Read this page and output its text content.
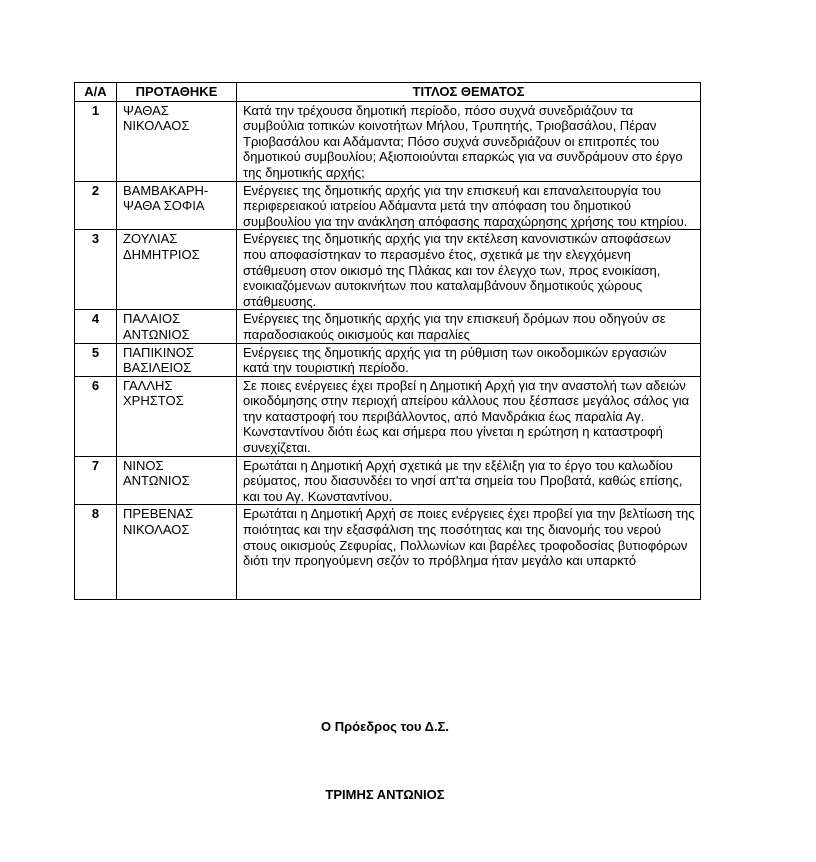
Α/Α	ΠΡΟΤΑΘΗΚΕ	ΤΙΤΛΟΣ ΘΕΜΑΤΟΣ
1	ΨΑΘΑΣ ΝΙΚΟΛΑΟΣ	Κατά την τρέχουσα δημοτική περίοδο, πόσο συχνά συνεδριάζουν τα συμβούλια τοπικών κοινοτήτων Μήλου, Τρυπητής, Τριοβασάλου, Πέραν Τριοβασάλου και Αδάμαντα; Πόσο συχνά συνεδριάζουν οι επιτροπές του δημοτικού συμβουλίου; Αξιοποιούνται επαρκώς για να συνδράμουν στο έργο της δημοτικής αρχής;
2	ΒΑΜΒΑΚΑΡΗ- ΨΑΘΑ ΣΟΦΙΑ	Ενέργειες της δημοτικής αρχής για την επισκευή και επαναλειτουργία του περιφερειακού ιατρείου Αδάμαντα μετά την απόφαση του δημοτικού συμβουλίου για την ανάκληση απόφασης παραχώρησης χρήσης του κτηρίου.
3	ΖΟΥΛΙΑΣ ΔΗΜΗΤΡΙΟΣ	Ενέργειες της δημοτικής αρχής για την εκτέλεση κανονιστικών αποφάσεων που αποφασίστηκαν το περασμένο έτος, σχετικά με την ελεγχόμενη στάθμευση στον οικισμό της Πλάκας και τον έλεγχο των, προς ενοικίαση, ενοικιαζόμενων αυτοκινήτων που καταλαμβάνουν δημοτικούς χώρους στάθμευσης.
4	ΠΑΛΑΙΟΣ ΑΝΤΩΝΙΟΣ	Ενέργειες της δημοτικής αρχής για την επισκευή δρόμων που οδηγούν σε παραδοσιακούς οικισμούς και παραλίες
5	ΠΑΠΙΚΙΝΟΣ ΒΑΣΙΛΕΙΟΣ	Ενέργειες της δημοτικής αρχής για τη ρύθμιση των οικοδομικών εργασιών κατά την τουριστική περίοδο.
6	ΓΑΛΛΗΣ ΧΡΗΣΤΟΣ	Σε ποιες ενέργειες έχει προβεί η Δημοτική Αρχή για την αναστολή των αδειών οικοδόμησης στην περιοχή απείρου κάλλους που ξέσπασε μεγάλος σάλος για την καταστροφή του περιβάλλοντος, από Μανδράκια έως παραλία Αγ. Κωνσταντίνου διότι έως και σήμερα που γίνεται η ερώτηση η καταστροφή συνεχίζεται.
7	ΝΙΝΟΣ ΑΝΤΩΝΙΟΣ	Ερωτάται η Δημοτική Αρχή σχετικά με την εξέλιξη για το έργο του καλωδίου ρεύματος, που διασυνδέει το νησί απ'τα σημεία του Προβατά, καθώς επίσης, και του Αγ. Κωνσταντίνου.
8	ΠΡΕΒΕΝΑΣ ΝΙΚΟΛΑΟΣ	Ερωτάται η Δημοτική Αρχή σε ποιες ενέργειες έχει προβεί για την βελτίωση της ποιότητας και την εξασφάλιση της ποσότητας και της διανομής του νερού στους οικισμούς Ζεφυρίας, Πολλωνίων και βαρέλες τροφοδοσίας βυτιοφόρων διότι την προηγούμενη σεζόν το πρόβλημα ήταν μεγάλο και υπαρκτό
Ο Πρόεδρος του Δ.Σ.
ΤΡΙΜΗΣ ΑΝΤΩΝΙΟΣ
